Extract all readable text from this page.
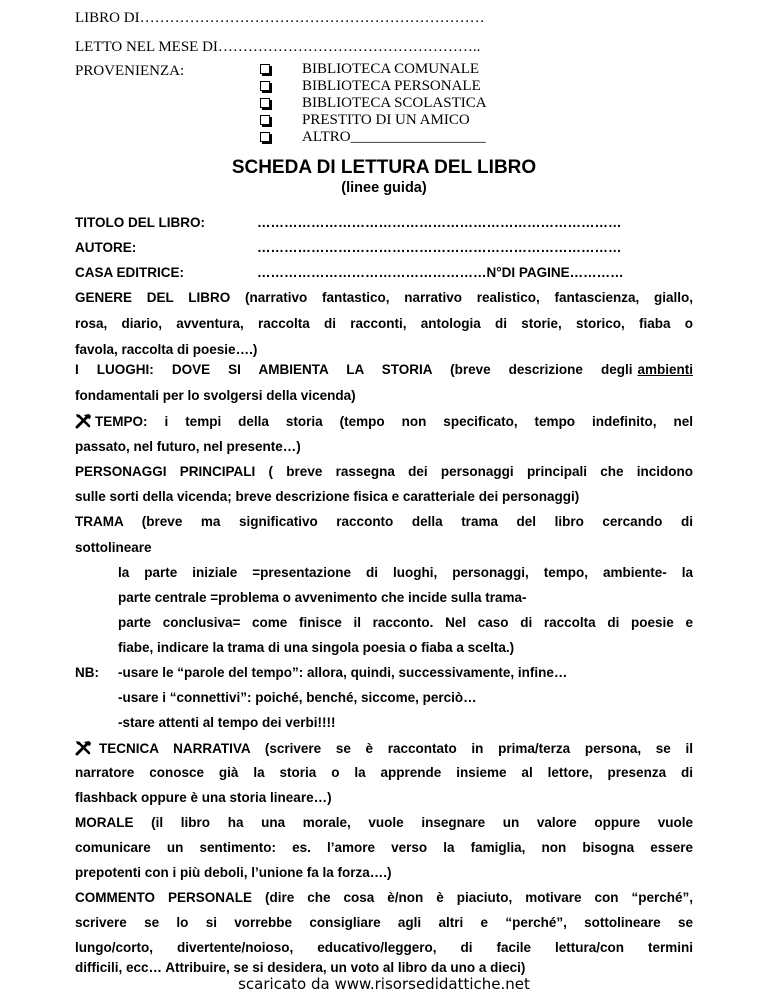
LIBRO DI……………………………………………………………
LETTO NEL MESE DI……………………………………………..
PROVENIENZA:	BIBLIOTECA COMUNALE
BIBLIOTECA PERSONALE
BIBLIOTECA SCOLASTICA
PRESTITO DI UN AMICO
ALTRO__________________
SCHEDA DI LETTURA DEL LIBRO
(linee guida)
TITOLO DEL LIBRO:	………………………………………………………………………
AUTORE:	………………………………………………………………………
CASA EDITRICE:	……………………………………………N°DI PAGINE…………
GENERE DEL LIBRO (narrativo fantastico, narrativo realistico, fantascienza, giallo,
rosa, diario, avventura, raccolta di racconti, antologia di storie, storico, fiaba o
favola, raccolta di poesie….)
I LUOGHI: DOVE SI AMBIENTA LA STORIA (breve descrizione degli ambienti
fondamentali per lo svolgersi della vicenda)
TEMPO: i tempi della storia (tempo non specificato, tempo indefinito, nel
passato, nel futuro, nel presente…)
PERSONAGGI PRINCIPALI ( breve rassegna dei personaggi principali che incidono
sulle sorti della vicenda; breve descrizione fisica e caratteriale dei personaggi)
TRAMA (breve ma significativo racconto della trama del libro cercando di
sottolineare
la parte iniziale =presentazione di luoghi, personaggi, tempo, ambiente- la
parte centrale =problema o avvenimento che incide sulla trama-
parte conclusiva= come finisce il racconto. Nel caso di raccolta di poesie e
fiabe, indicare la trama di una singola poesia o fiaba a scelta.)
NB: -usare le “parole del tempo”: allora, quindi, successivamente, infine…
-usare i “connettivi”: poiché, benché, siccome, perciò…
-stare attenti al tempo dei verbi!!!!
TECNICA NARRATIVA (scrivere se è raccontato in prima/terza persona, se il
narratore conosce già la storia o la apprende insieme al lettore, presenza di
flashback oppure è una storia lineare…)
MORALE (il libro ha una morale, vuole insegnare un valore oppure vuole
comunicare un sentimento: es. l’amore verso la famiglia, non bisogna essere
prepotenti con i più deboli, l’unione fa la forza….)
COMMENTO PERSONALE (dire che cosa è/non è piaciuto, motivare con “perché”,
scrivere se lo si vorrebbe consigliare agli altri e “perché”, sottolineare se
lungo/corto, divertente/noioso, educativo/leggero, di facile lettura/con termini
difficili, ecc… Attribuire, se si desidera, un voto al libro da uno a dieci)
scaricato da www.risorsedidattiche.net
